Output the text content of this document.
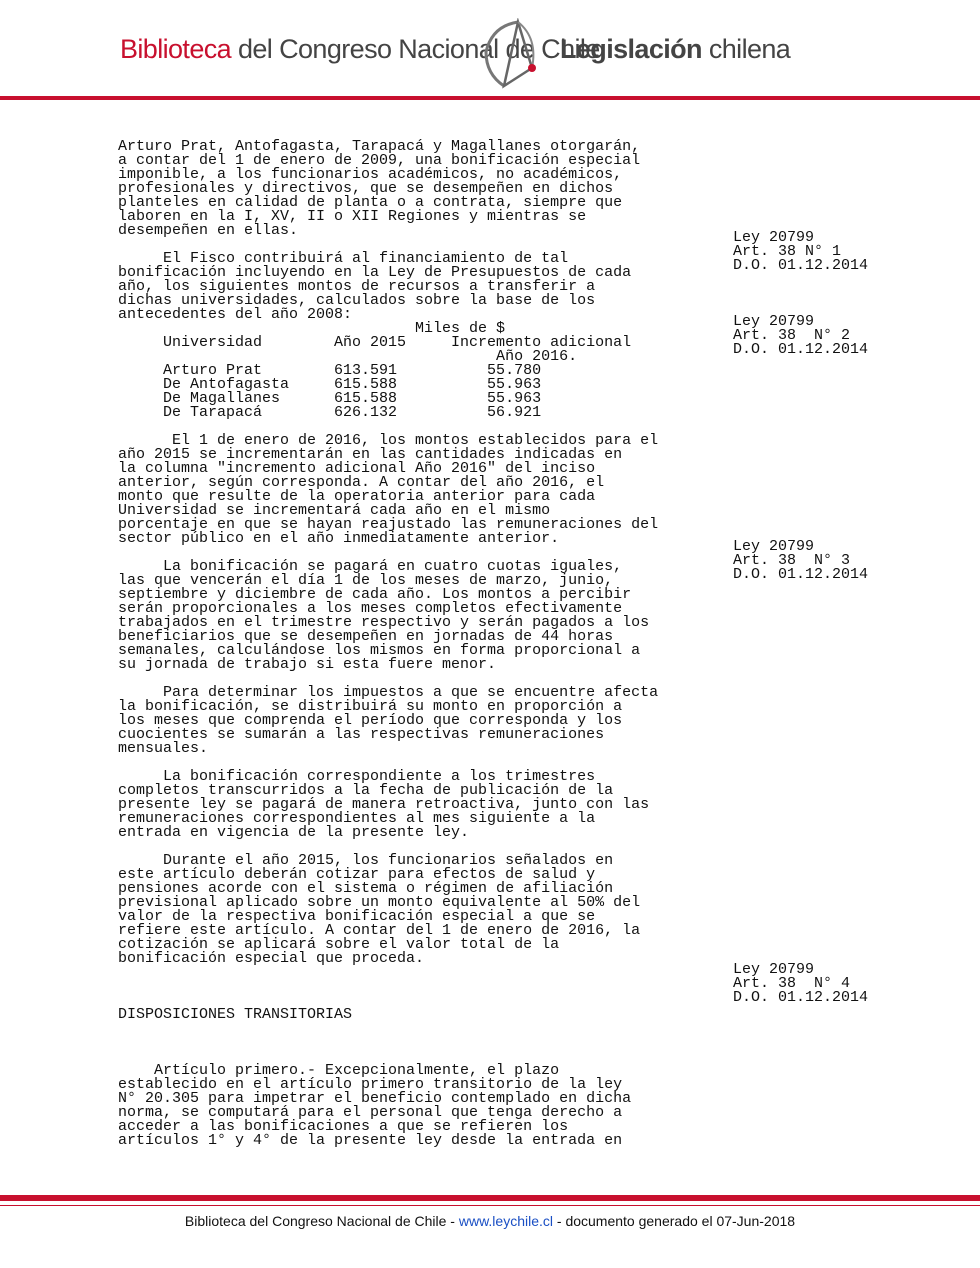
Biblioteca del Congreso Nacional de Chile
Legislación chilena
Arturo Prat, Antofagasta, Tarapacá y Magallanes otorgarán,
a contar del 1 de enero de 2009, una bonificación especial
imponible, a los funcionarios académicos, no académicos,
profesionales y directivos, que se desempeñen en dichos
planteles en calidad de planta o a contrata, siempre que
laboren en la I, XV, II o XII Regiones y mientras se
desempeñen en ellas.
El Fisco contribuirá al financiamiento de tal
bonificación incluyendo en la Ley de Presupuestos de cada
año, los siguientes montos de recursos a transferir a
dichas universidades, calculados sobre la base de los
antecedentes del año 2008:
Miles de $
Universidad        Año 2015     Incremento adicional
Año 2016.
Arturo Prat        613.591          55.780
De Antofagasta     615.588          55.963
De Magallanes      615.588          55.963
De Tarapacá        626.132          56.921
El 1 de enero de 2016, los montos establecidos para el
año 2015 se incrementarán en las cantidades indicadas en
la columna "incremento adicional Año 2016" del inciso
anterior, según corresponda. A contar del año 2016, el
monto que resulte de la operatoria anterior para cada
Universidad se incrementará cada año en el mismo
porcentaje en que se hayan reajustado las remuneraciones del
sector público en el año inmediatamente anterior.
La bonificación se pagará en cuatro cuotas iguales,
las que vencerán el día 1 de los meses de marzo, junio,
septiembre y diciembre de cada año. Los montos a percibir
serán proporcionales a los meses completos efectivamente
trabajados en el trimestre respectivo y serán pagados a los
beneficiarios que se desempeñen en jornadas de 44 horas
semanales, calculándose los mismos en forma proporcional a
su jornada de trabajo si esta fuere menor.
Para determinar los impuestos a que se encuentre afecta
la bonificación, se distribuirá su monto en proporción a
los meses que comprenda el período que corresponda y los
cuocientes se sumarán a las respectivas remuneraciones
mensuales.
La bonificación correspondiente a los trimestres
completos transcurridos a la fecha de publicación de la
presente ley se pagará de manera retroactiva, junto con las
remuneraciones correspondientes al mes siguiente a la
entrada en vigencia de la presente ley.
Durante el año 2015, los funcionarios señalados en
este artículo deberán cotizar para efectos de salud y
pensiones acorde con el sistema o régimen de afiliación
previsional aplicado sobre un monto equivalente al 50% del
valor de la respectiva bonificación especial a que se
refiere este artículo. A contar del 1 de enero de 2016, la
cotización se aplicará sobre el valor total de la
bonificación especial que proceda.
DISPOSICIONES TRANSITORIAS
Artículo primero.- Excepcionalmente, el plazo
establecido en el artículo primero transitorio de la ley
N° 20.305 para impetrar el beneficio contemplado en dicha
norma, se computará para el personal que tenga derecho a
acceder a las bonificaciones a que se refieren los
artículos 1° y 4° de la presente ley desde la entrada en
Ley 20799
Art. 38 N° 1
D.O. 01.12.2014
Ley 20799
Art. 38  N° 2
D.O. 01.12.2014
Ley 20799
Art. 38  N° 3
D.O. 01.12.2014
Ley 20799
Art. 38  N° 4
D.O. 01.12.2014
Biblioteca del Congreso Nacional de Chile - www.leychile.cl - documento generado el 07-Jun-2018
